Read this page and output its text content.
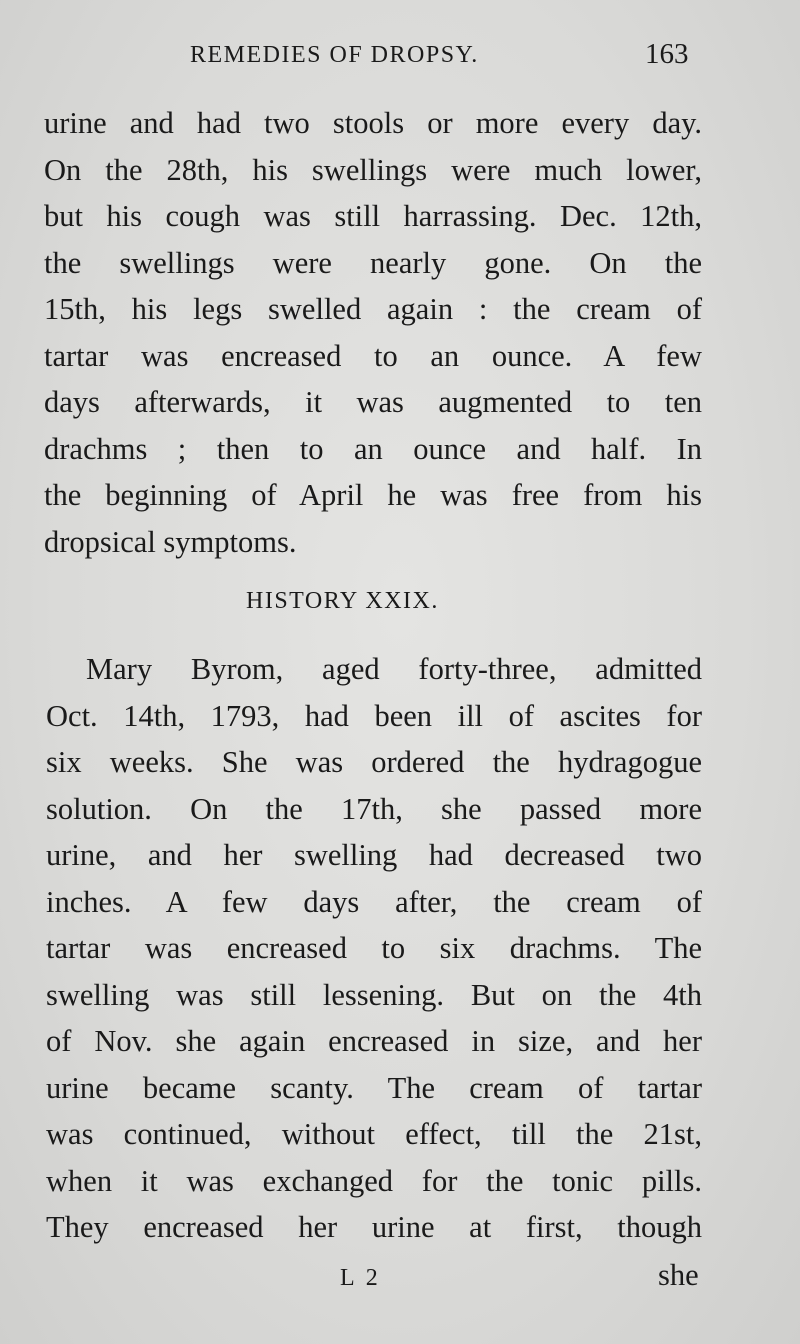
REMEDIES OF DROPSY.	163
urine and had two stools or more every day.
On the 28th, his swellings were much lower,
but his cough was still harrassing. Dec. 12th,
the swellings were nearly gone. On the
15th, his legs swelled again : the cream of
tartar was encreased to an ounce. A few
days afterwards, it was augmented to ten
drachms ; then to an ounce and half. In
the beginning of April he was free from his
dropsical symptoms.
HISTORY XXIX.
Mary Byrom, aged forty-three, admitted
Oct. 14th, 1793, had been ill of ascites for
six weeks. She was ordered the hydragogue
solution. On the 17th, she passed more
urine, and her swelling had decreased two
inches. A few days after, the cream of
tartar was encreased to six drachms. The
swelling was still lessening. But on the 4th
of Nov. she again encreased in size, and her
urine became scanty. The cream of tartar
was continued, without effect, till the 21st,
when it was exchanged for the tonic pills.
They encreased her urine at first, though
L 2	she
